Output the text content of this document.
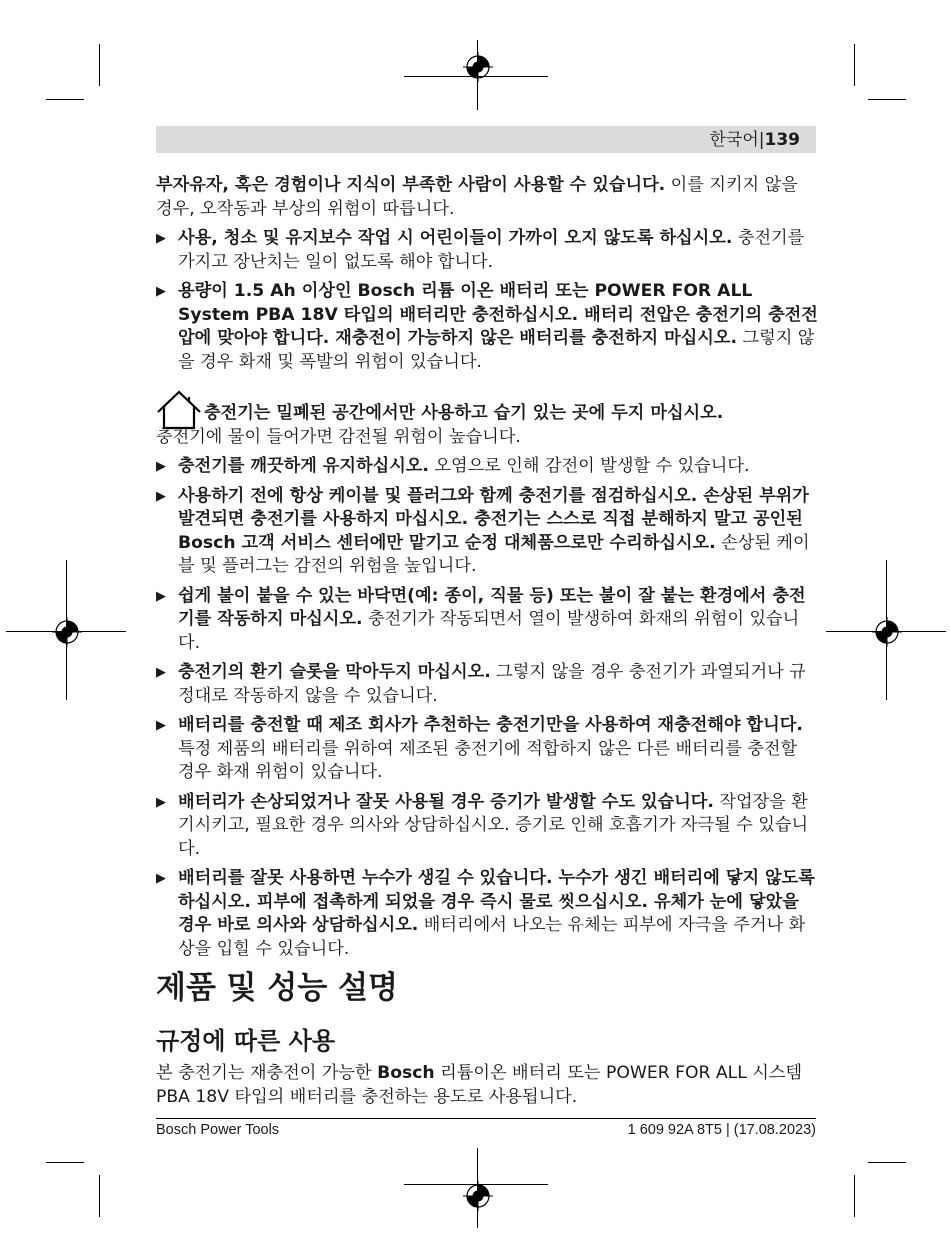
한국어|139

부자유자, 혹은 경험이나 지식이 부족한 사람이 사용할 수 있습니다. 이를 지키지 않을 경우, 오작동과 부상의 위험이 따릅니다.

▶ 사용, 청소 및 유지보수 작업 시 어린이들이 가까이 오지 않도록 하십시오. 충전기를 가지고 장난치는 일이 없도록 해야 합니다.

▶ 용량이 1.5 Ah 이상인 Bosch 리튬 이온 배터리 또는 POWER FOR ALL System PBA 18V 타입의 배터리만 충전하십시오. 배터리 전압은 충전기의 충전전압에 맞아야 합니다. 재충전이 가능하지 않은 배터리를 충전하지 마십시오. 그렇지 않을 경우 화재 및 폭발의 위험이 있습니다.

충전기는 밀폐된 공간에서만 사용하고 습기 있는 곳에 두지 마십시오.

충전기에 물이 들어가면 감전될 위험이 높습니다.

▶ 충전기를 깨끗하게 유지하십시오. 오염으로 인해 감전이 발생할 수 있습니다.

▶ 사용하기 전에 항상 케이블 및 플러그와 함께 충전기를 점검하십시오. 손상된 부위가 발견되면 충전기를 사용하지 마십시오. 충전기는 스스로 직접 분해하지 말고 공인된 Bosch 고객 서비스 센터에만 맡기고 순정 대체품으로만 수리하십시오. 손상된 케이블 및 플러그는 감전의 위험을 높입니다.

▶ 쉽게 불이 붙을 수 있는 바닥면(예: 종이, 직물 등) 또는 불이 잘 붙는 환경에서 충전기를 작동하지 마십시오. 충전기가 작동되면서 열이 발생하여 화재의 위험이 있습니다.

▶ 충전기의 환기 슬롯을 막아두지 마십시오. 그렇지 않을 경우 충전기가 과열되거나 규정대로 작동하지 않을 수 있습니다.

▶ 배터리를 충전할 때 제조 회사가 추천하는 충전기만을 사용하여 재충전해야 합니다. 특정 제품의 배터리를 위하여 제조된 충전기에 적합하지 않은 다른 배터리를 충전할 경우 화재 위험이 있습니다.

▶ 배터리가 손상되었거나 잘못 사용될 경우 증기가 발생할 수도 있습니다. 작업장을 환기시키고, 필요한 경우 의사와 상담하십시오. 증기로 인해 호흡기가 자극될 수 있습니다.

▶ 배터리를 잘못 사용하면 누수가 생길 수 있습니다. 누수가 생긴 배터리에 닿지 않도록 하십시오. 피부에 접촉하게 되었을 경우 즉시 물로 씻으십시오. 유체가 눈에 닿았을 경우 바로 의사와 상담하십시오. 배터리에서 나오는 유체는 피부에 자극을 주거나 화상을 입힐 수 있습니다.

제품 및 성능 설명
규정에 따른 사용

본 충전기는 재충전이 가능한 Bosch 리튬이온 배터리 또는 POWER FOR ALL 시스템 PBA 18V 타입의 배터리를 충전하는 용도로 사용됩니다.

Bosch Power Tools	1 609 92A 8T5 | (17.08.2023)
